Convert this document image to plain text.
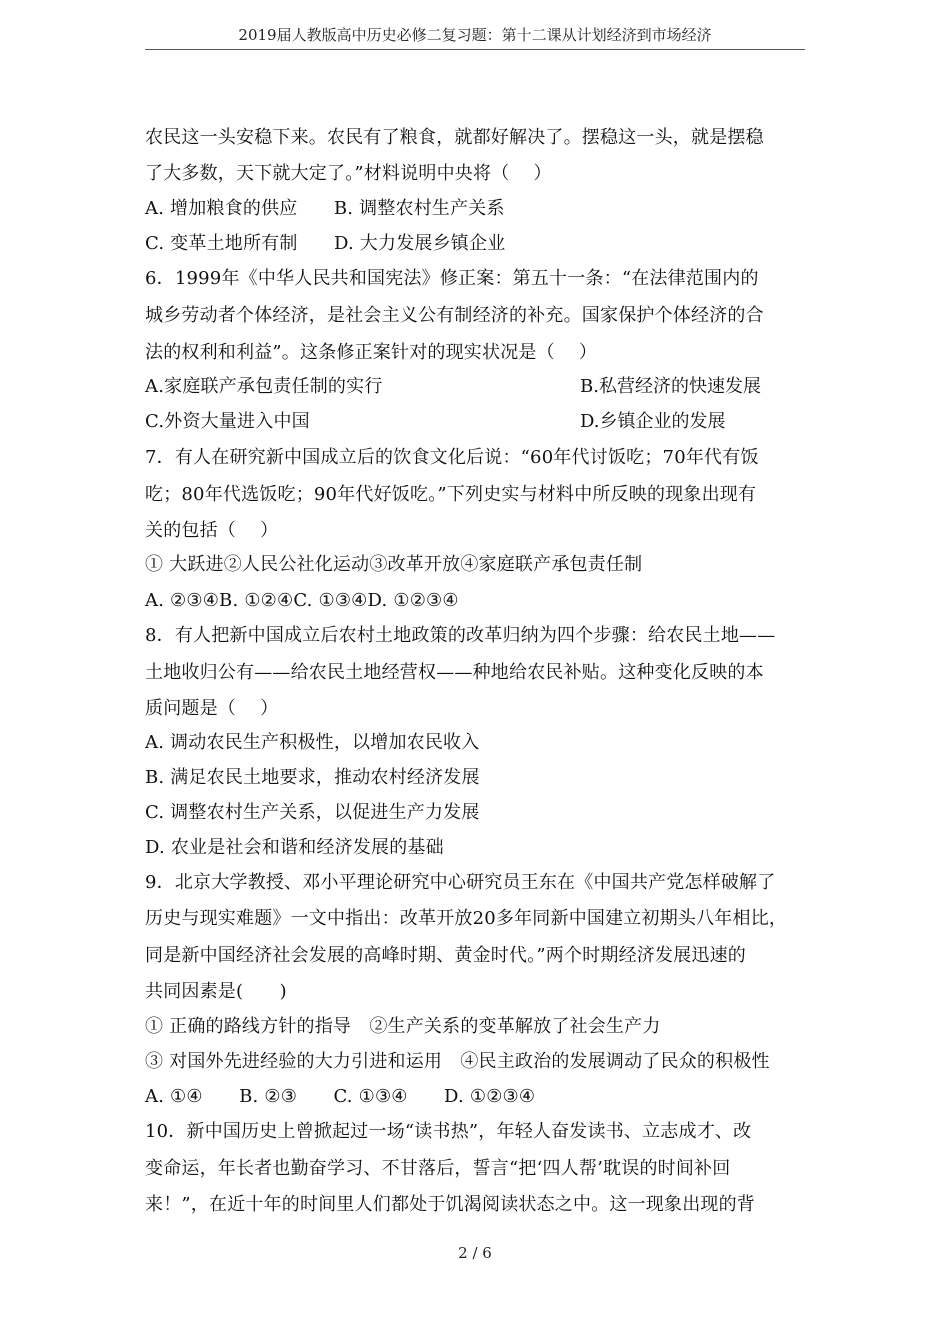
2019届人教版高中历史必修二复习题：第十二课从计划经济到市场经济
农民这一头安稳下来。农民有了粮食，就都好解决了。摆稳这一头，就是摆稳
了大多数，天下就大定了。”材料说明中央将（　 ）
A. 增加粮食的供应　　B. 调整农村生产关系
C. 变革土地所有制　　D. 大力发展乡镇企业
6．1999年《中华人民共和国宪法》修正案：第五十一条：“在法律范围内的
城乡劳动者个体经济，是社会主义公有制经济的补充。国家保护个体经济的合
法的权利和利益”。这条修正案针对的现实状况是（　 ）
A.家庭联产承包责任制的实行	B.私营经济的快速发展
C.外资大量进入中国	D.乡镇企业的发展
7．有人在研究新中国成立后的饮食文化后说：“60年代讨饭吃；70年代有饭
吃；80年代选饭吃；90年代好饭吃。”下列史实与材料中所反映的现象出现有
关的包括（　 ）
① 大跃进②人民公社化运动③改革开放④家庭联产承包责任制
A. ②③④B. ①②④C. ①③④D. ①②③④
8．有人把新中国成立后农村土地政策的改革归纳为四个步骤：给农民土地——
土地收归公有——给农民土地经营权——种地给农民补贴。这种变化反映的本
质问题是（　 ）
A. 调动农民生产积极性，以增加农民收入
B. 满足农民土地要求，推动农村经济发展
C. 调整农村生产关系，以促进生产力发展
D. 农业是社会和谐和经济发展的基础
9．北京大学教授、邓小平理论研究中心研究员王东在《中国共产党怎样破解了
历史与现实难题》一文中指出：改革开放20多年同新中国建立初期头八年相比，
同是新中国经济社会发展的高峰时期、黄金时代。”两个时期经济发展迅速的
共同因素是(　　)
① 正确的路线方针的指导　②生产关系的变革解放了社会生产力
③ 对国外先进经验的大力引进和运用　④民主政治的发展调动了民众的积极性
A. ①④　　B. ②③　　C. ①③④　　D. ①②③④
10．新中国历史上曾掀起过一场“读书热”，年轻人奋发读书、立志成才、改
变命运，年长者也勤奋学习、不甘落后，誓言“把‘四人帮’耽误的时间补回
来！”，在近十年的时间里人们都处于饥渴阅读状态之中。这一现象出现的背
2 / 6
